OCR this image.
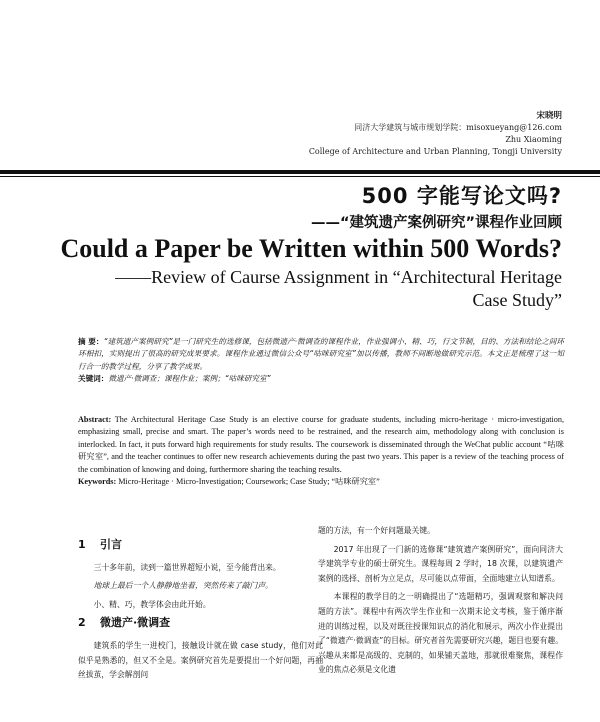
宋晓明
同济大学建筑与城市规划学院：misoxueyang@126.com
Zhu Xiaoming
College of Architecture and Urban Planning, Tongji University
500 字能写论文吗?
——“建筑遗产案例研究”课程作业回顾
Could a Paper be Written within 500 Words?
——Review of Caurse Assignment in “Architectural Heritage Case Study”
摘 要：“建筑遗产案例研究”是一门研究生的选修课，包括微遗产·微调查的课程作业，作业强调小、精、巧，行文节制，目的、方法和结论之间环环相扣，实则提出了很高的研究成果要求。课程作业通过微信公众号“咕咪研究室”加以传播，教师不间断地做研究示范。本文正是梳理了这一知行合一的教学过程，分享了教学成果。
关键词：微遗产·微调查；课程作业；案例；“咕咪研究室”
Abstract: The Architectural Heritage Case Study is an elective course for graduate students, including micro-heritage · micro-investigation, emphasizing small, precise and smart. The paper’s words need to be restrained, and the research aim, methodology along with conclusion is interlocked. In fact, it puts forward high requirements for study results. The coursework is disseminated through the WeChat public account “咕咪研究室”, and the teacher continues to offer new research achievements during the past two years. This paper is a review of the teaching process of the combination of knowing and doing, furthermore sharing the teaching results.
Keywords: Micro-Heritage · Micro-Investigation; Coursework; Case Study; “咕咪研究室”
1 引言

三十多年前，读到一篇世界超短小说，至今能背出来。

地球上最后一个人静静地坐着，突然传来了敲门声。

小、精、巧，教学体会由此开始。

2 微遗产·微调查

建筑系的学生一进校门，接触设计就在做 case study，他们对此似乎是熟悉的，但又不全是。案例研究首先是要提出一个好问题，再抽丝拔茧，学会解剖问

题的方法，有一个好问题最关键。

2017 年出现了一门新的选修课“建筑遗产案例研究”，面向同济大学建筑学专业的硕士研究生。课程每周 2 学时，18 次课，以建筑遗产案例的选择、剖析为立足点，尽可能以点带面，全面地建立认知谱系。

本课程的教学目的之一明确提出了“选题精巧，强调观察和解决问题的方法”。课程中有两次学生作业和一次期末论文考核，鉴于循序渐进的训练过程，以及对既往授课知识点的消化和展示，两次小作业提出了“微遗产·微调查”的目标。研究者首先需要研究兴趣，题目也要有趣。兴趣从来都是高级的、克制的，如果铺天盖地，那就很难聚焦，课程作业的焦点必须是文化遗
